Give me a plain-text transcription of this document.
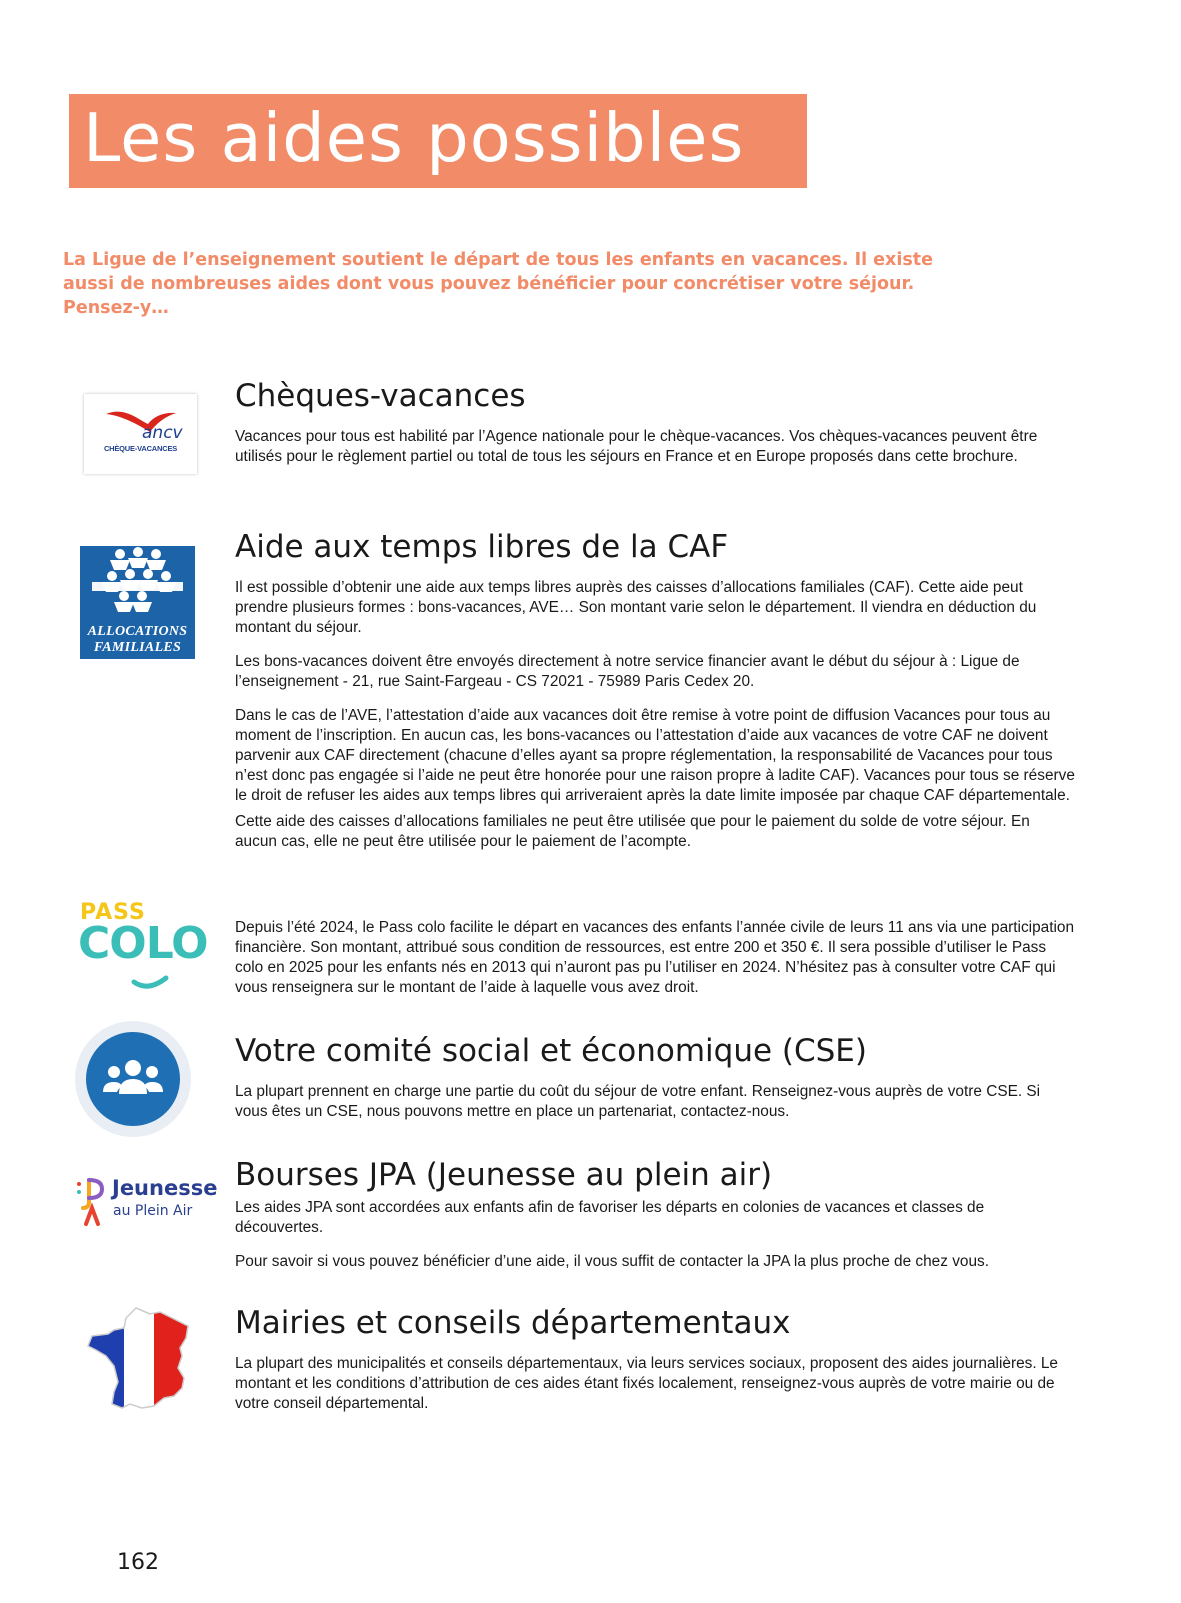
Les aides possibles

La Ligue de l’enseignement soutient le départ de tous les enfants en vacances. Il existe aussi de nombreuses aides dont vous pouvez bénéficier pour concrétiser votre séjour. Pensez-y…

ancv
CHÈQUE-VACANCES
ALLOCATIONS
FAMILIALES
PASS
COLO
Jeunesse
au Plein Air
Chèques-vacances

Vacances pour tous est habilité par l’Agence nationale pour le chèque-vacances. Vos chèques-vacances peuvent être utilisés pour le règlement partiel ou total de tous les séjours en France et en Europe proposés dans cette brochure.

Aide aux temps libres de la CAF

Il est possible d’obtenir une aide aux temps libres auprès des caisses d’allocations familiales (CAF). Cette aide peut prendre plusieurs formes : bons-vacances, AVE… Son montant varie selon le département. Il viendra en déduction du montant du séjour.

Les bons-vacances doivent être envoyés directement à notre service financier avant le début du séjour à : Ligue de l’enseignement - 21, rue Saint-Fargeau - CS 72021 - 75989 Paris Cedex 20.

Dans le cas de l’AVE, l’attestation d’aide aux vacances doit être remise à votre point de diffusion Vacances pour tous au moment de l’inscription. En aucun cas, les bons-vacances ou l’attestation d’aide aux vacances de votre CAF ne doivent parvenir aux CAF directement (chacune d’elles ayant sa propre réglementation, la responsabilité de Vacances pour tous n’est donc pas engagée si l’aide ne peut être honorée pour une raison propre à ladite CAF). Vacances pour tous se réserve le droit de refuser les aides aux temps libres qui arriveraient après la date limite imposée par chaque CAF départementale.

Cette aide des caisses d’allocations familiales ne peut être utilisée que pour le paiement du solde de votre séjour. En aucun cas, elle ne peut être utilisée pour le paiement de l’acompte.

Depuis l’été 2024, le Pass colo facilite le départ en vacances des enfants l’année civile de leurs 11 ans via une participation financière. Son montant, attribué sous condition de ressources, est entre 200 et 350 €. Il sera possible d’utiliser le Pass colo en 2025 pour les enfants nés en 2013 qui n’auront pas pu l’utiliser en 2024. N’hésitez pas à consulter votre CAF qui vous renseignera sur le montant de l’aide à laquelle vous avez droit.

Votre comité social et économique (CSE)

La plupart prennent en charge une partie du coût du séjour de votre enfant. Renseignez-vous auprès de votre CSE. Si vous êtes un CSE, nous pouvons mettre en place un partenariat, contactez-nous.

Bourses JPA (Jeunesse au plein air)

Les aides JPA sont accordées aux enfants afin de favoriser les départs en colonies de vacances et classes de découvertes.

Pour savoir si vous pouvez bénéficier d’une aide, il vous suffit de contacter la JPA la plus proche de chez vous.

Mairies et conseils départementaux

La plupart des municipalités et conseils départementaux, via leurs services sociaux, proposent des aides journalières. Le montant et les conditions d’attribution de ces aides étant fixés localement, renseignez-vous auprès de votre mairie ou de votre conseil départemental.

162
